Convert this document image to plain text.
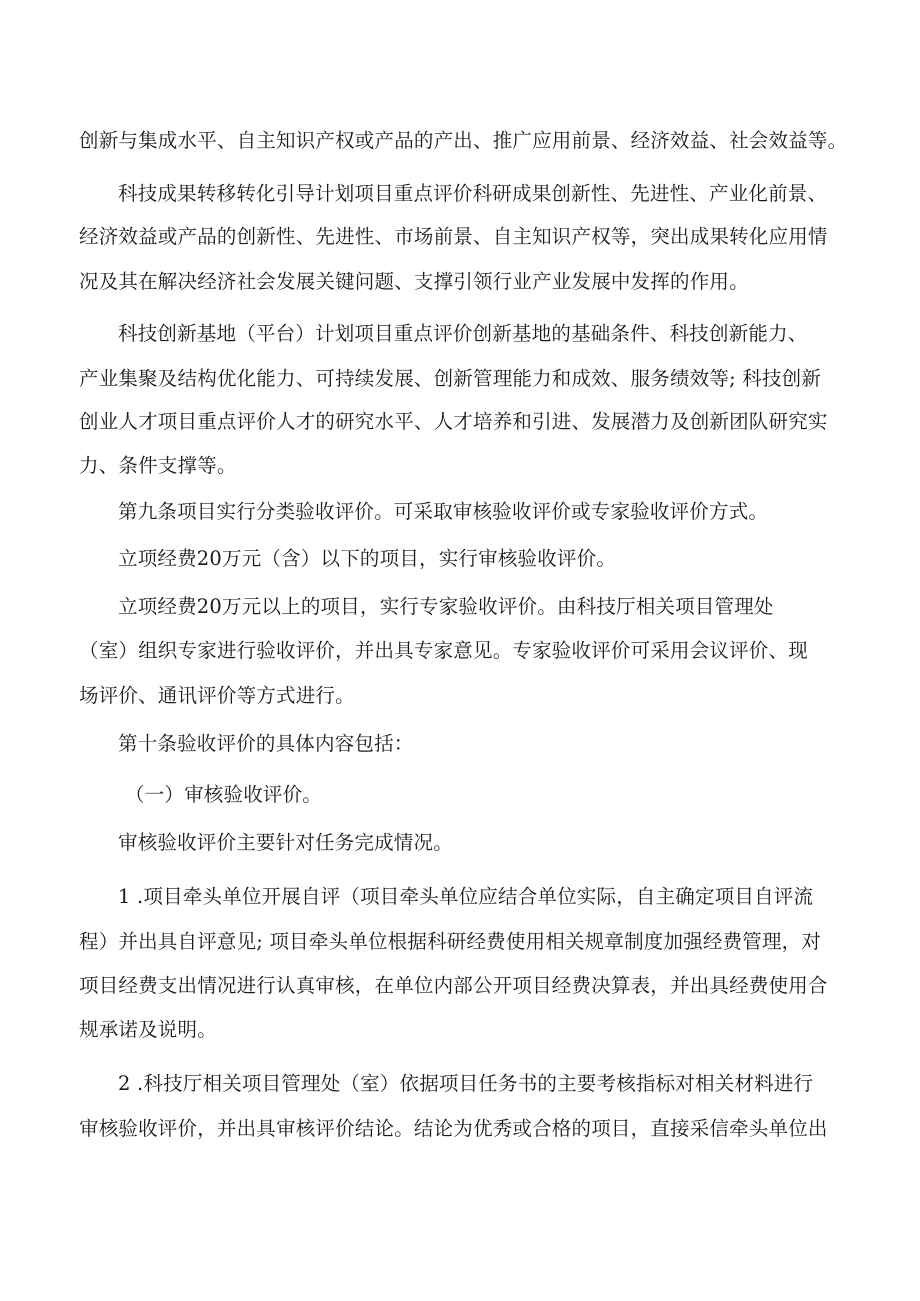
创新与集成水平、自主知识产权或产品的产出、推广应用前景、经济效益、社会效益等。

科技成果转移转化引导计划项目重点评价科研成果创新性、先进性、产业化前景、

经济效益或产品的创新性、先进性、市场前景、自主知识产权等，突出成果转化应用情

况及其在解决经济社会发展关键问题、支撑引领行业产业发展中发挥的作用。

科技创新基地（平台）计划项目重点评价创新基地的基础条件、科技创新能力、

产业集聚及结构优化能力、可持续发展、创新管理能力和成效、服务绩效等; 科技创新

创业人才项目重点评价人才的研究水平、人才培养和引进、发展潜力及创新团队研究实

力、条件支撑等。

第九条项目实行分类验收评价。可采取审核验收评价或专家验收评价方式。

立项经费20万元（含）以下的项目，实行审核验收评价。

立项经费20万元以上的项目，实行专家验收评价。由科技厅相关项目管理处

（室）组织专家进行验收评价，并出具专家意见。专家验收评价可采用会议评价、现

场评价、通讯评价等方式进行。

第十条验收评价的具体内容包括：

（一）审核验收评价。

审核验收评价主要针对任务完成情况。

1 .项目牵头单位开展自评（项目牵头单位应结合单位实际，自主确定项目自评流

程）并出具自评意见; 项目牵头单位根据科研经费使用相关规章制度加强经费管理，对

项目经费支出情况进行认真审核，在单位内部公开项目经费决算表，并出具经费使用合

规承诺及说明。

2 .科技厅相关项目管理处（室）依据项目任务书的主要考核指标对相关材料进行

审核验收评价，并出具审核评价结论。结论为优秀或合格的项目，直接采信牵头单位出
